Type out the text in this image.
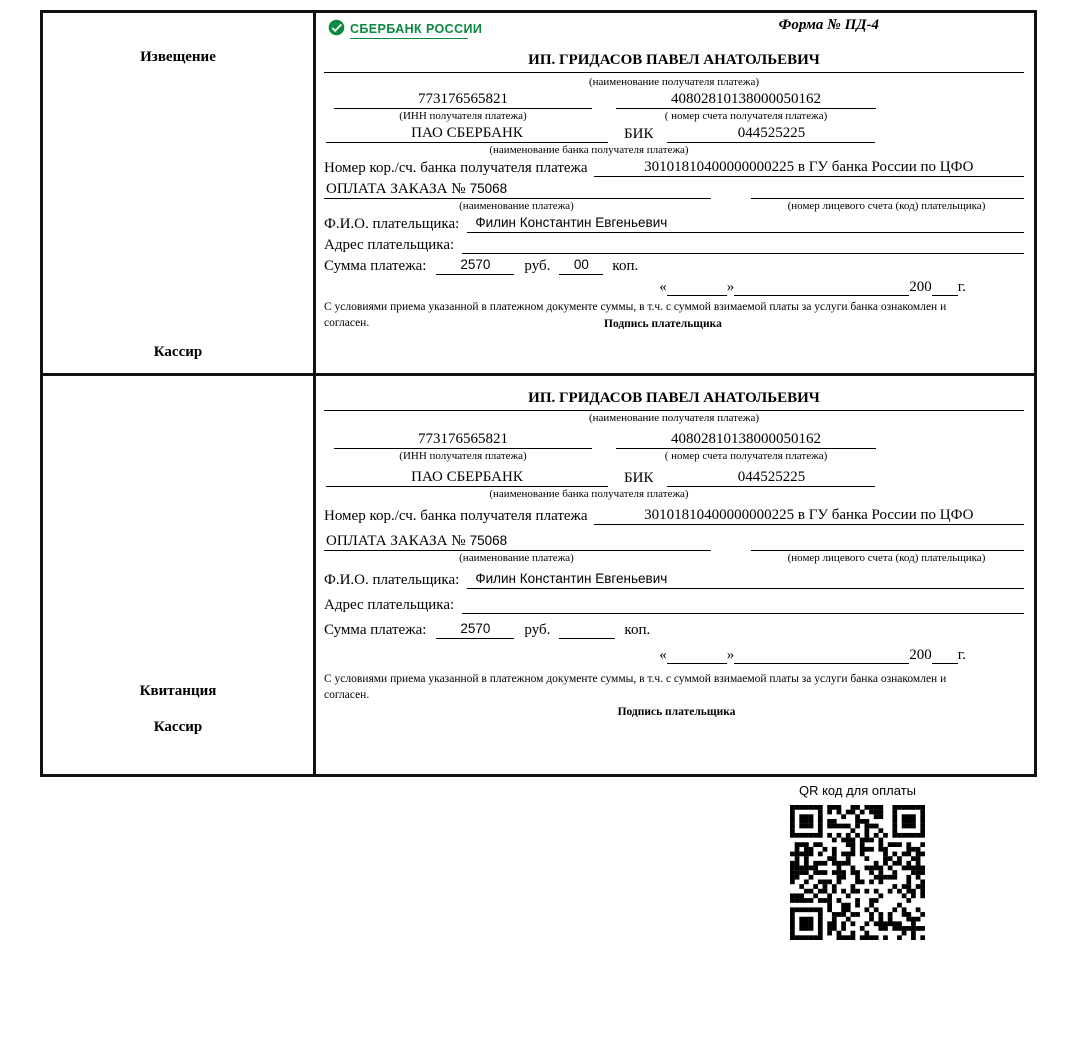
Извещение
Кассир
СБЕРБАНК РОССИИ	Форма № ПД-4
ИП. ГРИДАСОВ ПАВЕЛ АНАТОЛЬЕВИЧ
(наименование получателя платежа)
773176565821	40802810138000050162
(ИНН получателя платежа)	( номер счета получателя платежа)
ПАО СБЕРБАНК	БИК	044525225
(наименование банка получателя платежа)
Номер кор./сч. банка получателя платежа	30101810400000000225 в ГУ банка России по ЦФО
ОПЛАТА ЗАКАЗА № 75068
(наименование платежа)	(номер лицевого счета (код) плательщика)
Ф.И.О. плательщика:	Филин Константин Евгеньевич
Адрес плательщика:
Сумма платежа:	2570	руб.	00	коп.
«	»	200 г.
С условиями приема указанной в платежном документе суммы, в т.ч. с суммой взимаемой платы за услуги банка ознакомлен и согласен.	Подпись плательщика
Квитанция
Кассир
ИП. ГРИДАСОВ ПАВЕЛ АНАТОЛЬЕВИЧ
(наименование получателя платежа)
773176565821	40802810138000050162
(ИНН получателя платежа)	( номер счета получателя платежа)
ПАО СБЕРБАНК	БИК	044525225
(наименование банка получателя платежа)
Номер кор./сч. банка получателя платежа	30101810400000000225 в ГУ банка России по ЦФО
ОПЛАТА ЗАКАЗА № 75068
(наименование платежа)	(номер лицевого счета (код) плательщика)
Ф.И.О. плательщика:	Филин Константин Евгеньевич
Адрес плательщика:
Сумма платежа:	2570	руб.	коп.
«	»	200 г.
С условиями приема указанной в платежном документе суммы, в т.ч. с суммой взимаемой платы за услуги банка ознакомлен и согласен.
Подпись плательщика
QR код для оплаты
